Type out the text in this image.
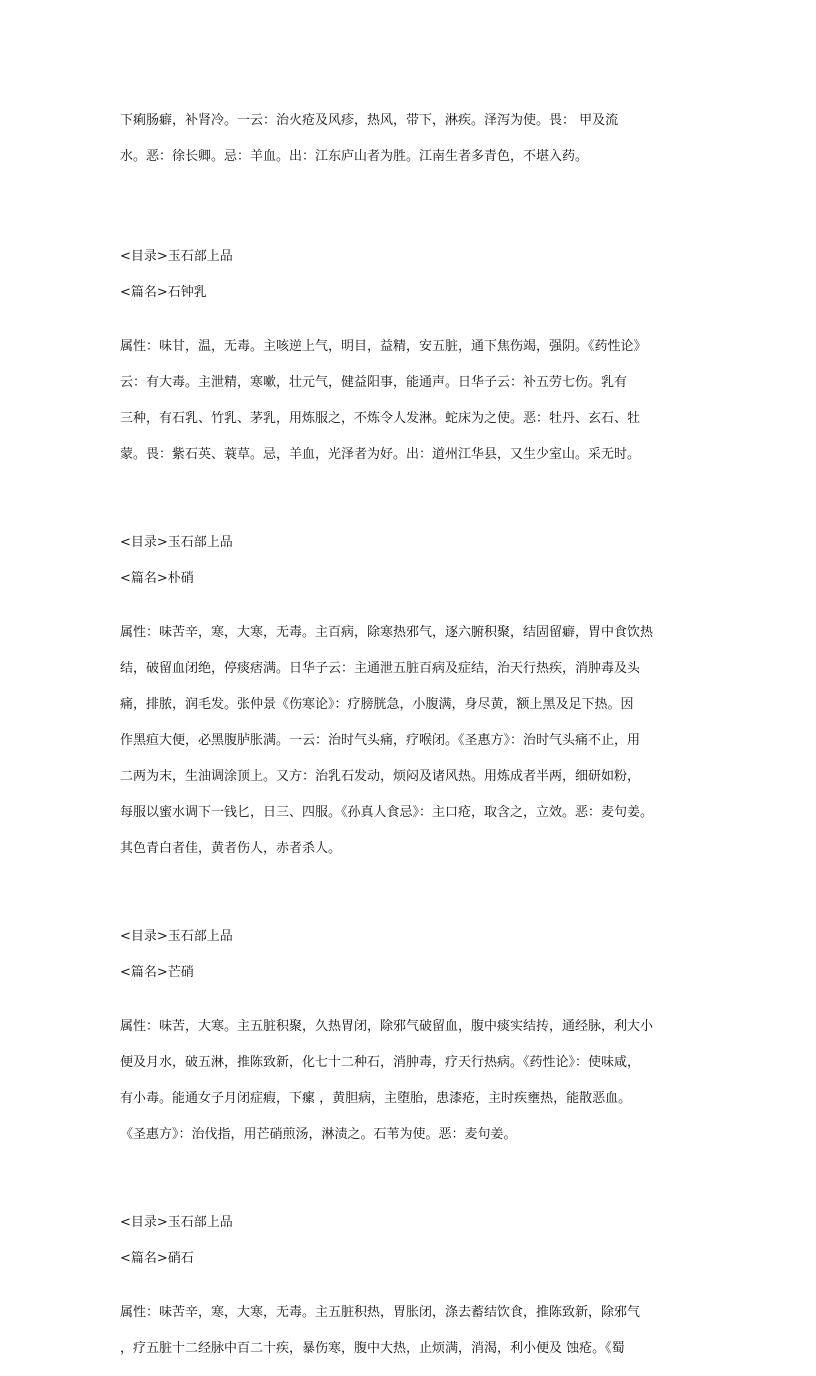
下痢肠癖，补肾冷。一云：治火疮及风疹，热风，带下，淋疾。泽泻为使。畏： 甲及流

水。恶：徐长卿。忌：羊血。出：江东庐山者为胜。江南生者多青色，不堪入药。

<目录>玉石部上品

<篇名>石钟乳

属性：味甘，温，无毒。主咳逆上气，明目，益精，安五脏，通下焦伤竭，强阴。《药性论》

云：有大毒。主泄精，寒嗽，壮元气，健益阳事，能通声。日华子云：补五劳七伤。乳有

三种，有石乳、竹乳、茅乳，用炼服之，不炼令人发淋。蛇床为之使。恶：牡丹、玄石、牡

蒙。畏：紫石英、蓑草。忌，羊血，光泽者为好。出：道州江华县，又生少室山。采无时。

<目录>玉石部上品

<篇名>朴硝

属性：味苦辛，寒，大寒，无毒。主百病，除寒热邪气，逐六腑积聚，结固留癖，胃中食饮热

结，破留血闭绝，停痰痞满。日华子云：主通泄五脏百病及症结，治天行热疾，消肿毒及头

痛，排脓，润毛发。张仲景《伤寒论》：疗膀胱急，小腹满，身尽黄，额上黑及足下热。因

作黑疸大便，必黑腹胪胀满。一云：治时气头痛，疗喉闭。《圣惠方》：治时气头痛不止，用

二两为末，生油调涂顶上。又方：治乳石发动，烦闷及诸风热。用炼成者半两，细研如粉，

每服以蜜水调下一钱匕，日三、四服。《孙真人食忌》：主口疮，取含之，立效。恶：麦句姜。

其色青白者佳，黄者伤人，赤者杀人。

<目录>玉石部上品

<篇名>芒硝

属性：味苦，大寒。主五脏积聚，久热胃闭，除邪气破留血，腹中痰实结抟，通经脉，利大小

便及月水，破五淋，推陈致新，化七十二种石，消肿毒，疗天行热病。《药性论》：使味咸，

有小毒。能通女子月闭症瘕，下瘰 ，黄胆病，主堕胎，患漆疮，主时疾壅热，能散恶血。

《圣惠方》：治伐指，用芒硝煎汤，淋渍之。石苇为使。恶：麦句姜。

<目录>玉石部上品

<篇名>硝石

属性：味苦辛，寒，大寒，无毒。主五脏积热，胃胀闭，涤去蓄结饮食，推陈致新，除邪气

，疗五脏十二经脉中百二十疾，暴伤寒，腹中大热，止烦满，消渴，利小便及 蚀疮。《蜀
